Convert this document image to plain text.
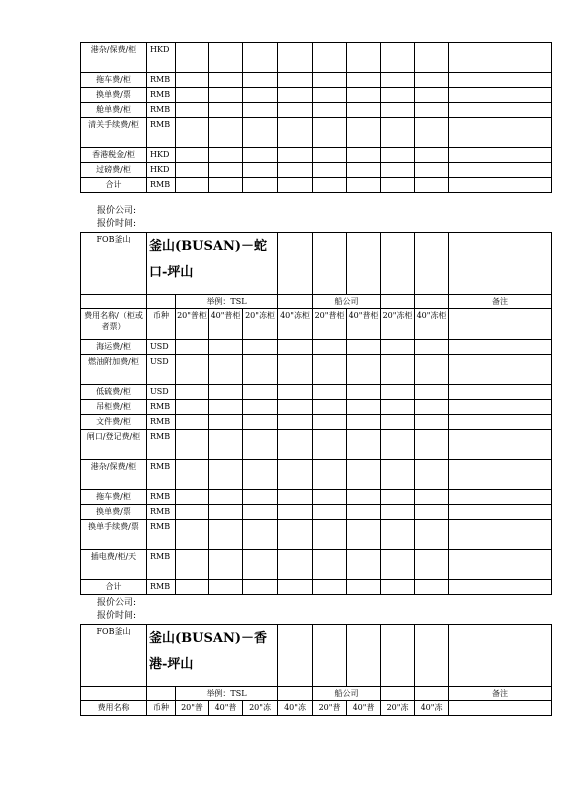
港杂/保费/柜	HKD									
拖车费/柜	RMB									
换单费/票	RMB									
舱单费/柜	RMB									
清关手续费/柜	RMB									
香港税金/柜	HKD									
过磅费/柜	HKD									
合计	RMB									
报价公司:
报价时间:
FOB釜山	釜山(BUSAN)－蛇口-坪山									
		举例：TSL				船公司				备注
费用名称/（柜或者票）	币种	20"普柜	40"普柜	20"冻柜	40"冻柜	20"普柜	40"普柜	20"冻柜	40"冻柜	
海运费/柜	USD									
燃油附加费/柜	USD									
低硫费/柜	USD									
吊柜费/柜	RMB									
文件费/柜	RMB									
闸口/登记费/柜	RMB									
港杂/保费/柜	RMB									
拖车费/柜	RMB									
换单费/票	RMB									
换单手续费/票	RMB									
插电费/柜/天	RMB									
合计	RMB									
报价公司:
报价时间:
FOB釜山	釜山(BUSAN)－香港-坪山									
		举例：TSL				船公司				备注
费用名称	币种	20"普	40"普	20"冻	40"冻	20"普	40"普	20"冻	40"冻	
